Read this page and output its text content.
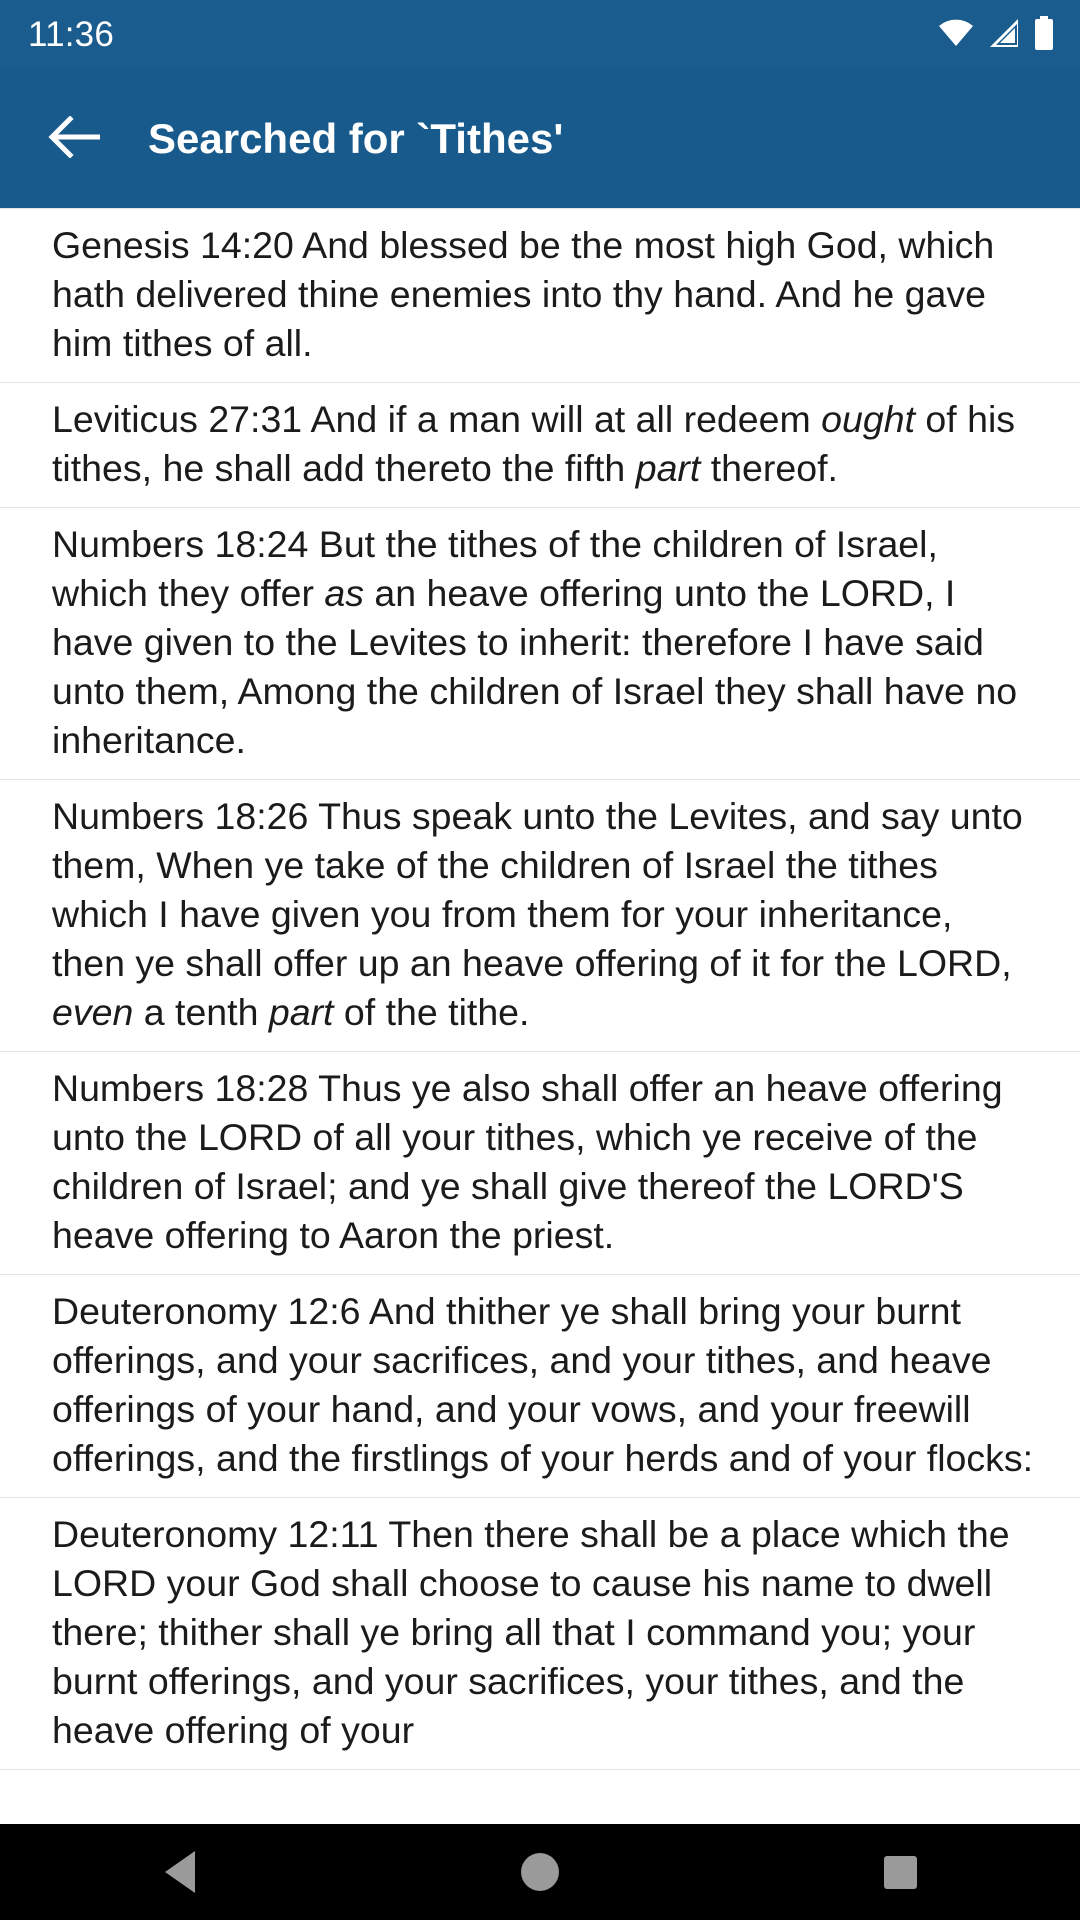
11:36
Searched for `Tithes'
Genesis 14:20 And blessed be the most high God, which hath delivered thine enemies into thy hand. And he gave him tithes of all.
Leviticus 27:31 And if a man will at all redeem ought of his tithes, he shall add thereto the fifth part thereof.
Numbers 18:24 But the tithes of the children of Israel, which they offer as an heave offering unto the LORD, I have given to the Levites to inherit: therefore I have said unto them, Among the children of Israel they shall have no inheritance.
Numbers 18:26 Thus speak unto the Levites, and say unto them, When ye take of the children of Israel the tithes which I have given you from them for your inheritance, then ye shall offer up an heave offering of it for the LORD, even a tenth part of the tithe.
Numbers 18:28 Thus ye also shall offer an heave offering unto the LORD of all your tithes, which ye receive of the children of Israel; and ye shall give thereof the LORD'S heave offering to Aaron the priest.
Deuteronomy 12:6 And thither ye shall bring your burnt offerings, and your sacrifices, and your tithes, and heave offerings of your hand, and your vows, and your freewill offerings, and the firstlings of your herds and of your flocks:
Deuteronomy 12:11 Then there shall be a place which the LORD your God shall choose to cause his name to dwell there; thither shall ye bring all that I command you; your burnt offerings, and your sacrifices, your tithes, and the heave offering of your
